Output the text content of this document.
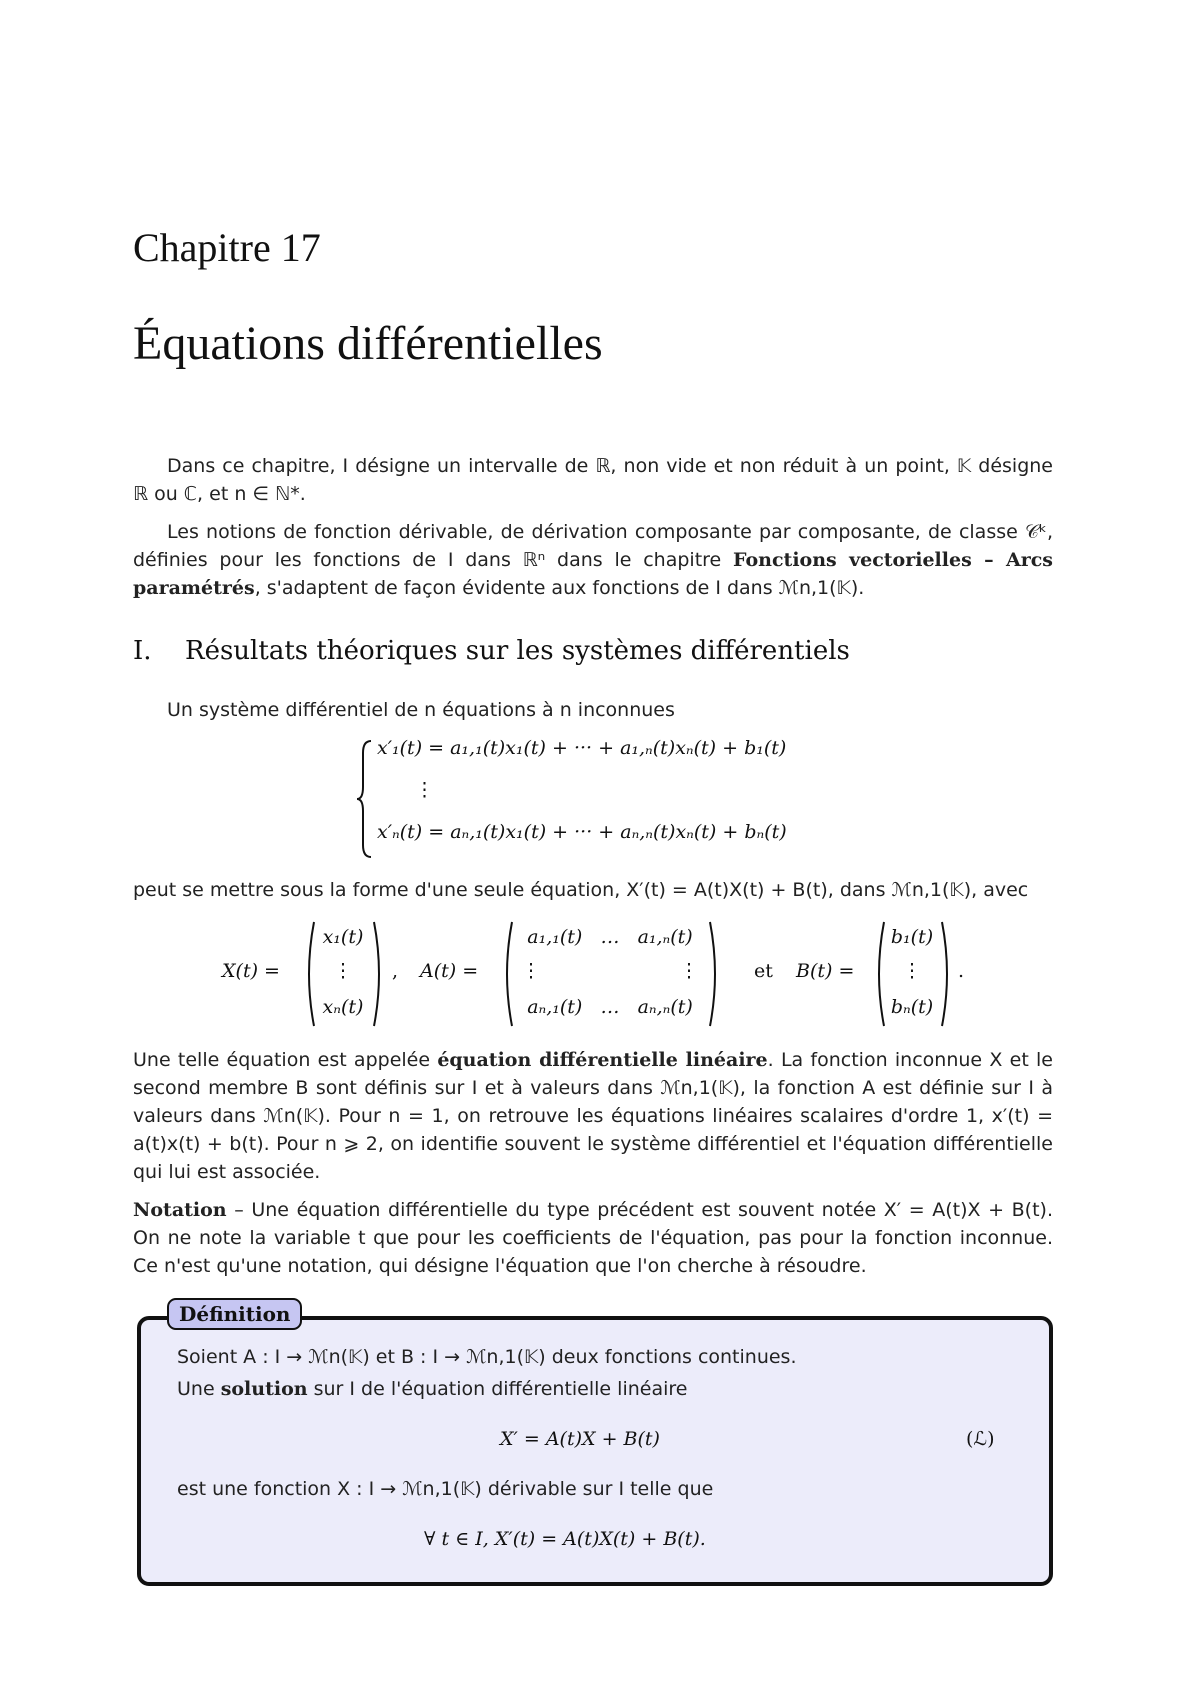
Chapitre 17
Équations différentielles
Dans ce chapitre, I désigne un intervalle de ℝ, non vide et non réduit à un point, 𝕂 désigne ℝ ou ℂ, et n ∈ ℕ*.
Les notions de fonction dérivable, de dérivation composante par composante, de classe 𝒞ᵏ, définies pour les fonctions de I dans ℝⁿ dans le chapitre Fonctions vectorielles – Arcs paramétrés, s'adaptent de façon évidente aux fonctions de I dans ℳn,1(𝕂).
I. Résultats théoriques sur les systèmes différentiels
Un système différentiel de n équations à n inconnues
x′₁(t) = a₁,₁(t)x₁(t) + ··· + a₁,ₙ(t)xₙ(t) + b₁(t)
⋮
x′ₙ(t) = aₙ,₁(t)x₁(t) + ··· + aₙ,ₙ(t)xₙ(t) + bₙ(t)
peut se mettre sous la forme d'une seule équation, X′(t) = A(t)X(t) + B(t), dans ℳn,1(𝕂), avec
X(t) =
x₁(t)
⋮
xₙ(t)
, A(t) =
a₁,₁(t)   …   a₁,ₙ(t)
⋮                       ⋮
aₙ,₁(t)   …   aₙ,ₙ(t)
et B(t) =
b₁(t)
⋮
bₙ(t)
.
Une telle équation est appelée équation différentielle linéaire. La fonction inconnue X et le second membre B sont définis sur I et à valeurs dans ℳn,1(𝕂), la fonction A est définie sur I à valeurs dans ℳn(𝕂). Pour n = 1, on retrouve les équations linéaires scalaires d'ordre 1, x′(t) = a(t)x(t) + b(t). Pour n ⩾ 2, on identifie souvent le système différentiel et l'équation différentielle qui lui est associée.
Notation – Une équation différentielle du type précédent est souvent notée X′ = A(t)X + B(t). On ne note la variable t que pour les coefficients de l'équation, pas pour la fonction inconnue. Ce n'est qu'une notation, qui désigne l'équation que l'on cherche à résoudre.
Définition
Soient A : I → ℳn(𝕂) et B : I → ℳn,1(𝕂) deux fonctions continues.
Une solution sur I de l'équation différentielle linéaire
X′ = A(t)X + B(t)	(ℒ)
est une fonction X : I → ℳn,1(𝕂) dérivable sur I telle que
∀ t ∈ I, X′(t) = A(t)X(t) + B(t).
